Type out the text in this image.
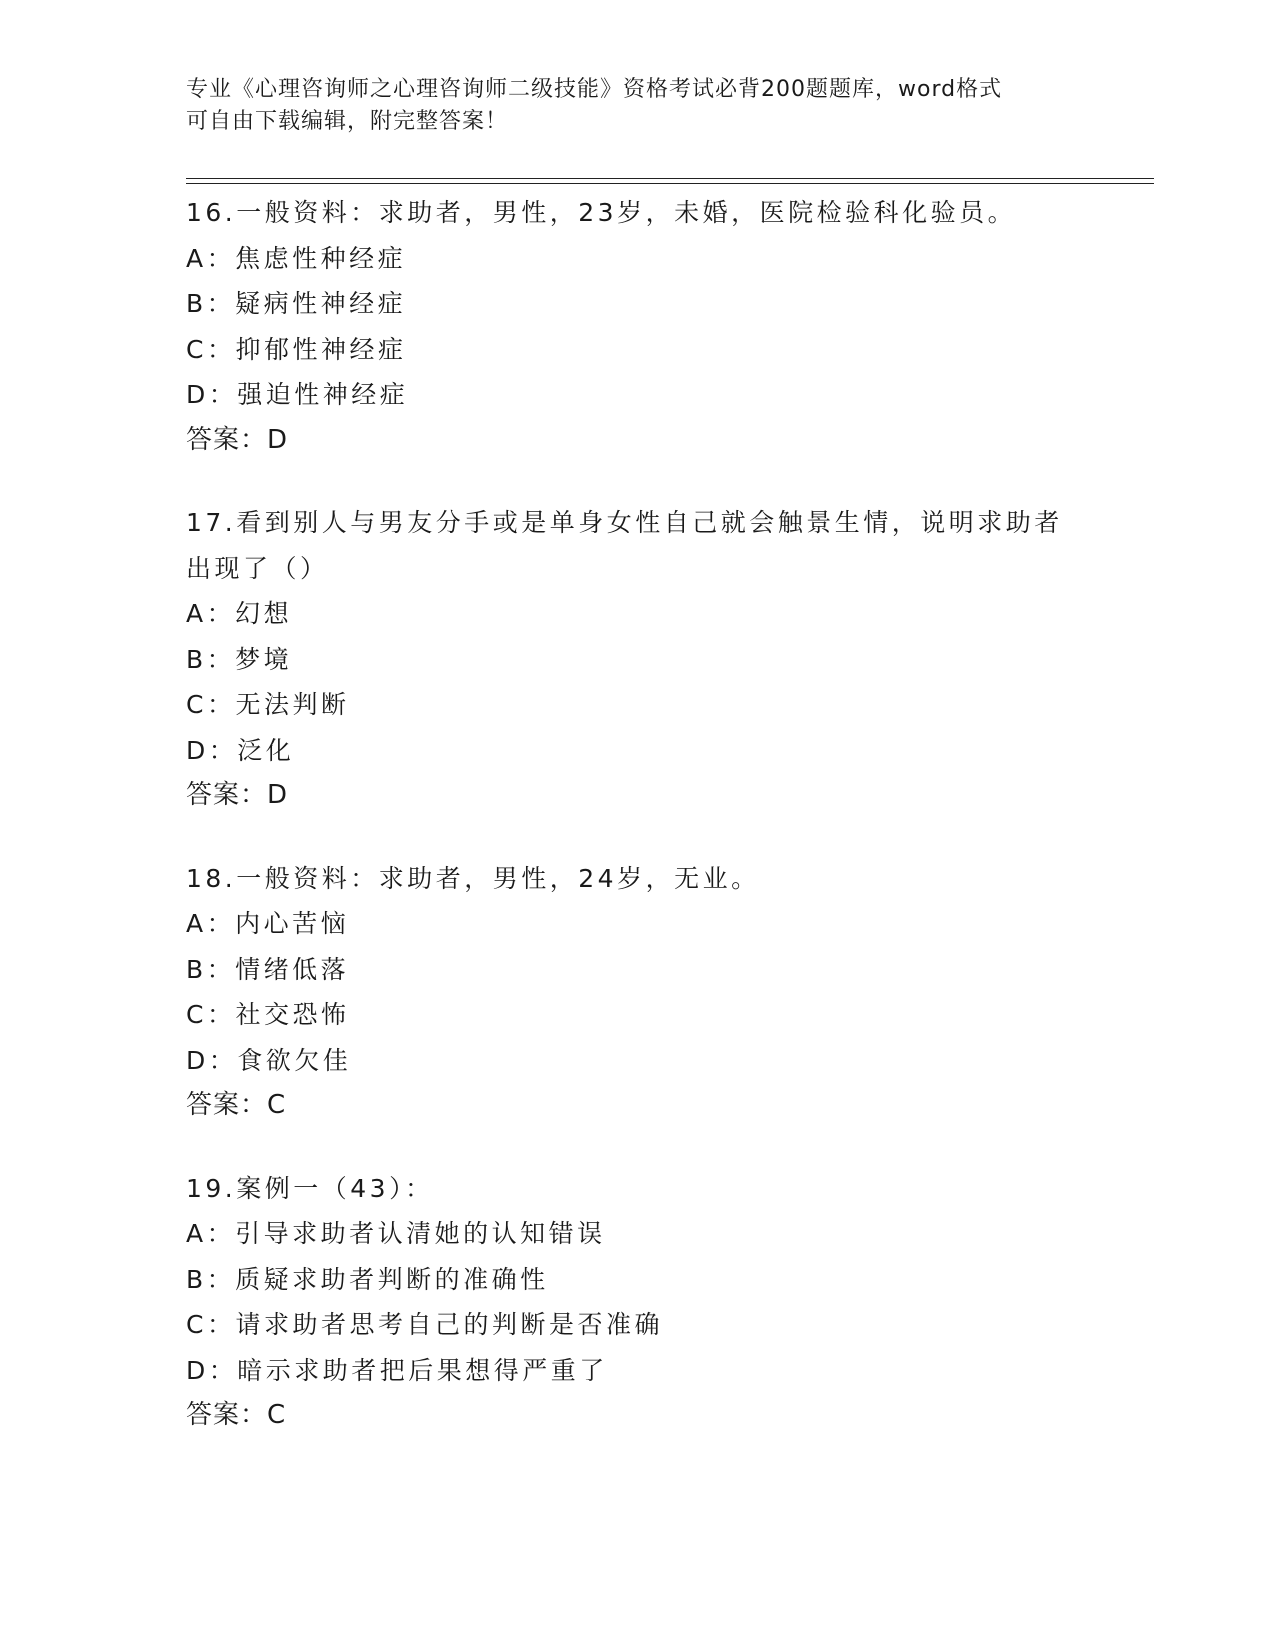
专业《心理咨询师之心理咨询师二级技能》资格考试必背200题题库，word格式
可自由下载编辑，附完整答案！
16.一般资料：求助者，男性，23岁，未婚，医院检验科化验员。
A：焦虑性种经症
B：疑病性神经症
C：抑郁性神经症
D：强迫性神经症
答案：D
17.看到别人与男友分手或是单身女性自己就会触景生情，说明求助者
出现了（）
A：幻想
B：梦境
C：无法判断
D：泛化
答案：D
18.一般资料：求助者，男性，24岁，无业。
A：内心苦恼
B：情绪低落
C：社交恐怖
D：食欲欠佳
答案：C
19.案例一（43）：
A：引导求助者认清她的认知错误
B：质疑求助者判断的准确性
C：请求助者思考自己的判断是否准确
D：暗示求助者把后果想得严重了
答案：C
